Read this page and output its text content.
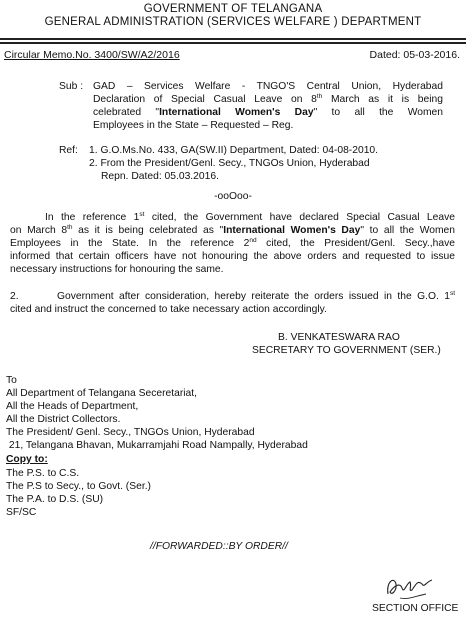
GOVERNMENT OF TELANGANA
GENERAL ADMINISTRATION (SERVICES WELFARE ) DEPARTMENT
Circular Memo.No. 3400/SW/A2/2016	Dated: 05-03-2016.
Sub : GAD – Services Welfare - TNGO'S Central Union, Hyderabad
Declaration of Special Casual Leave on 8th March as it is being
celebrated "International Women's Day" to all the Women
Employees in the State – Requested – Reg.
Ref: 1. G.O.Ms.No. 433, GA(SW.II) Department, Dated: 04-08-2010.
2. From the President/Genl. Secy., TNGOs Union, Hyderabad
Repn. Dated: 05.03.2016.
-ooOoo-
In the reference 1st cited, the Government have declared Special Casual Leave
on March 8th as it is being celebrated as "International Women's Day" to all the Women
Employees in the State. In the reference 2nd cited, the President/Genl. Secy.,have
informed that certain officers have not honouring the above orders and requested to issue
necessary instructions for honouring the same.
2.	Government after consideration, hereby reiterate the orders issued in the G.O. 1st
cited and instruct the concerned to take necessary action accordingly.
B. VENKATESWARA RAO
SECRETARY TO GOVERNMENT (SER.)
To
All Department of Telangana Seceretariat,
All the Heads of Department,
All the District Collectors.
The President/ Genl. Secy., TNGOs Union, Hyderabad
21, Telangana Bhavan, Mukarramjahi Road Nampally, Hyderabad
Copy to:
The P.S. to C.S.
The P.S to Secy., to Govt. (Ser.)
The P.A. to D.S. (SU)
SF/SC
//FORWARDED::BY ORDER//
SECTION OFFICE
